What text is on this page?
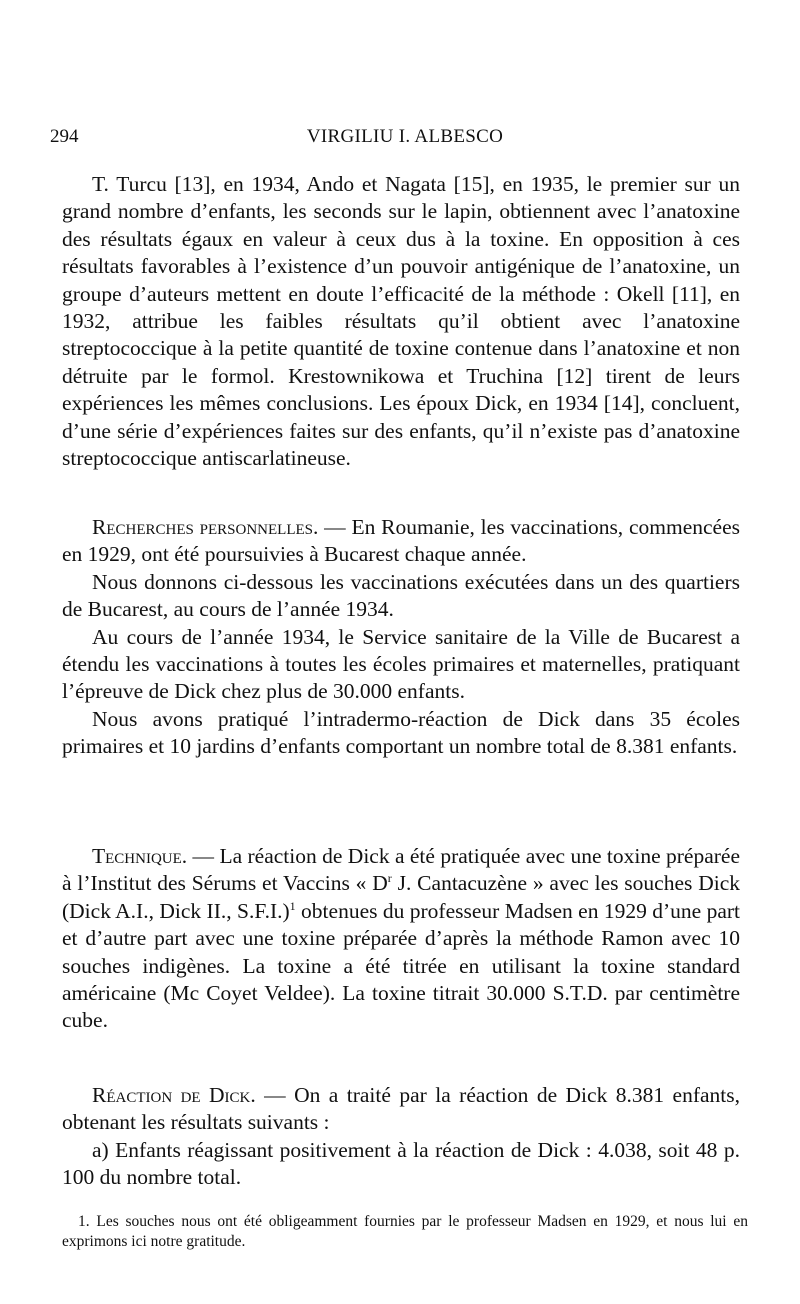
294	VIRGILIU I. ALBESCO

T. Turcu [13], en 1934, Ando et Nagata [15], en 1935, le premier sur un grand nombre d’enfants, les seconds sur le lapin, obtiennent avec l’anatoxine des résultats égaux en valeur à ceux dus à la toxine. En opposition à ces résultats favorables à l’existence d’un pouvoir antigénique de l’anatoxine, un groupe d’auteurs mettent en doute l’efficacité de la méthode : Okell [11], en 1932, attribue les faibles résultats qu’il obtient avec l’anatoxine streptococcique à la petite quantité de toxine contenue dans l’anatoxine et non détruite par le formol. Krestownikowa et Truchina [12] tirent de leurs expériences les mêmes conclusions. Les époux Dick, en 1934 [14], concluent, d’une série d’expériences faites sur des enfants, qu’il n’existe pas d’anatoxine streptococcique antiscarlatineuse.

Recherches personnelles. — En Roumanie, les vaccinations, commencées en 1929, ont été poursuivies à Bucarest chaque année.

Nous donnons ci-dessous les vaccinations exécutées dans un des quartiers de Bucarest, au cours de l’année 1934.

Au cours de l’année 1934, le Service sanitaire de la Ville de Bucarest a étendu les vaccinations à toutes les écoles primaires et maternelles, pratiquant l’épreuve de Dick chez plus de 30.000 enfants.

Nous avons pratiqué l’intradermo-réaction de Dick dans 35 écoles primaires et 10 jardins d’enfants comportant un nombre total de 8.381 enfants.

Technique. — La réaction de Dick a été pratiquée avec une toxine préparée à l’Institut des Sérums et Vaccins « $D^r$ J. Cantacuzène » avec les souches Dick (Dick A.I., Dick II., S.F.I.)$^1$ obtenues du professeur Madsen en 1929 d’une part et d’autre part avec une toxine préparée d’après la méthode Ramon avec 10 souches indigènes. La toxine a été titrée en utilisant la toxine standard américaine (Mc Coyet Veldee). La toxine titrait 30.000 S.T.D. par centimètre cube.

Réaction de Dick. — On a traité par la réaction de Dick 8.381 enfants, obtenant les résultats suivants :

a) Enfants réagissant positivement à la réaction de Dick : 4.038, soit 48 p. 100 du nombre total.

1. Les souches nous ont été obligeamment fournies par le professeur Madsen en 1929, et nous lui en exprimons ici notre gratitude.
